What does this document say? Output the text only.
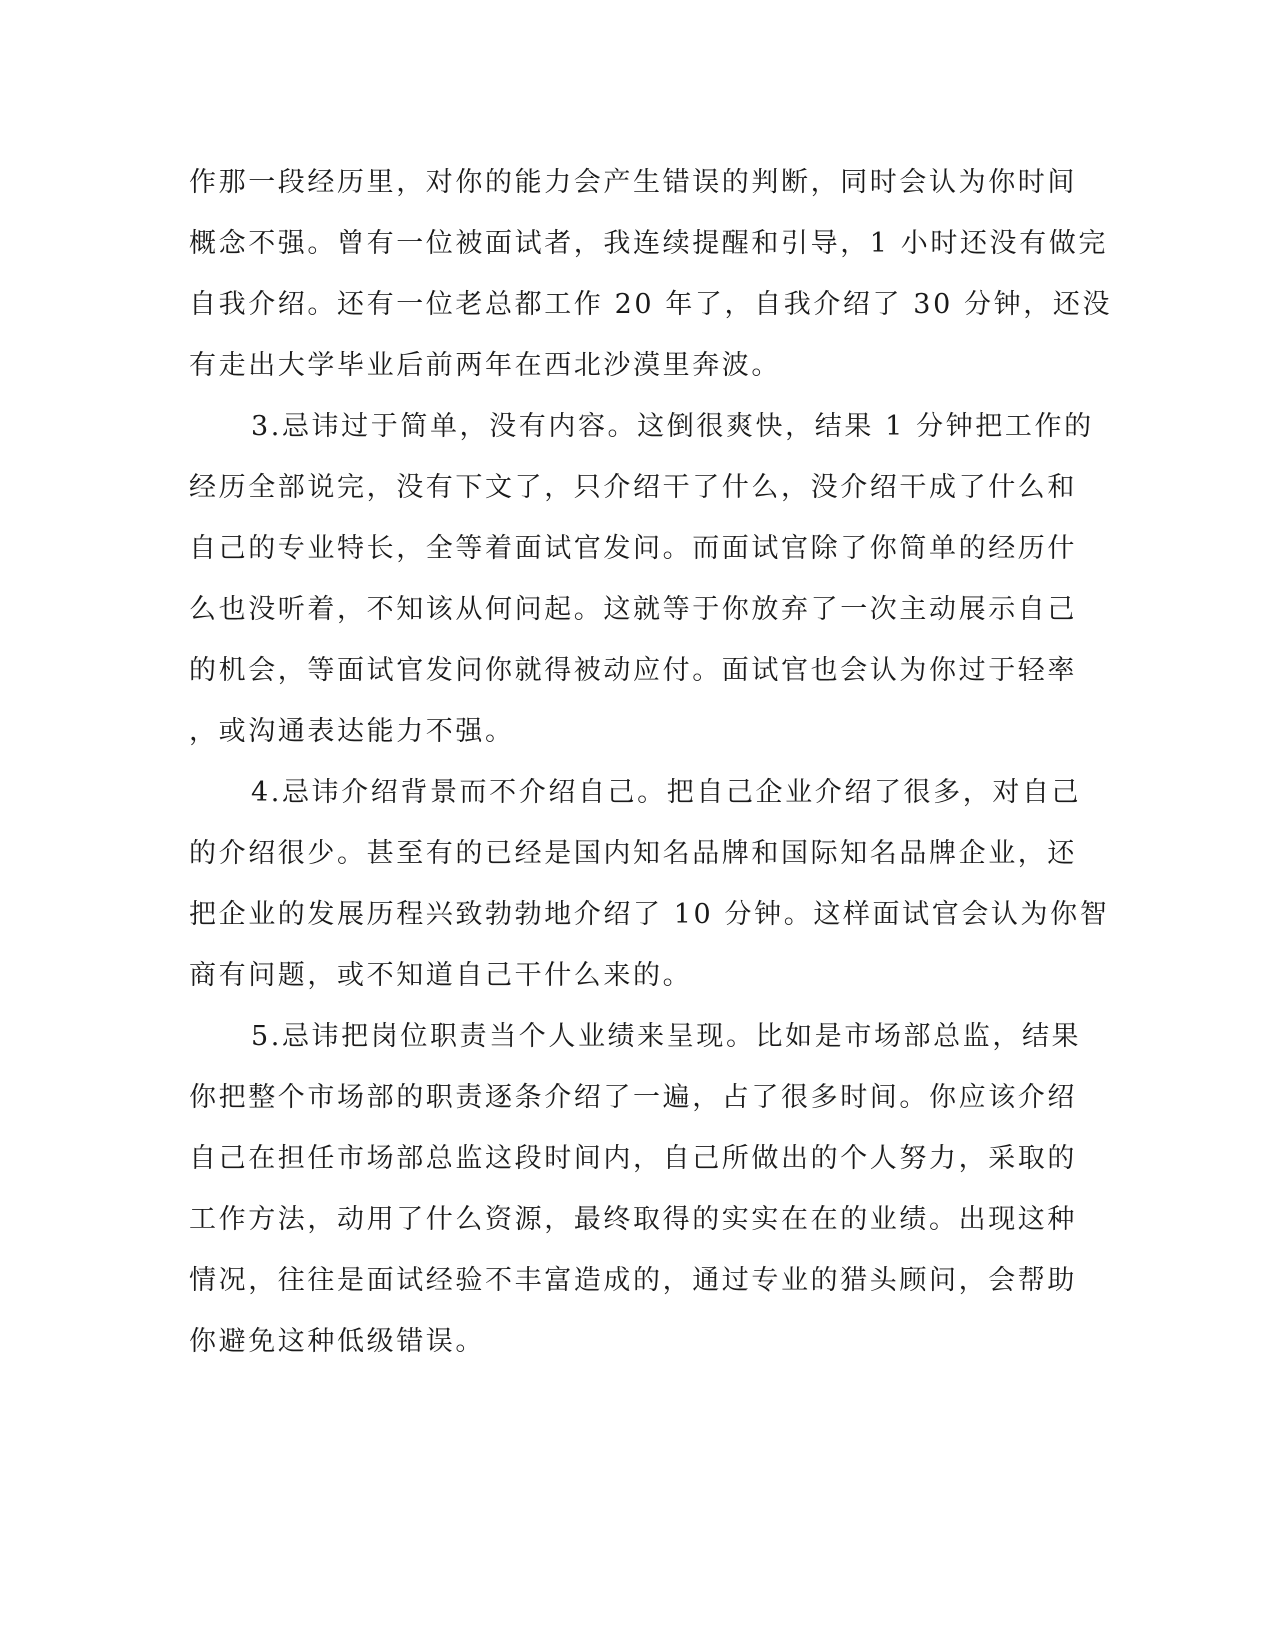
作那一段经历里，对你的能力会产生错误的判断，同时会认为你时间
概念不强。曾有一位被面试者，我连续提醒和引导，1 小时还没有做完
自我介绍。还有一位老总都工作 20 年了，自我介绍了 30 分钟，还没
有走出大学毕业后前两年在西北沙漠里奔波。
3.忌讳过于简单，没有内容。这倒很爽快，结果 1 分钟把工作的
经历全部说完，没有下文了，只介绍干了什么，没介绍干成了什么和
自己的专业特长，全等着面试官发问。而面试官除了你简单的经历什
么也没听着，不知该从何问起。这就等于你放弃了一次主动展示自己
的机会，等面试官发问你就得被动应付。面试官也会认为你过于轻率
，或沟通表达能力不强。
4.忌讳介绍背景而不介绍自己。把自己企业介绍了很多，对自己
的介绍很少。甚至有的已经是国内知名品牌和国际知名品牌企业，还
把企业的发展历程兴致勃勃地介绍了 10 分钟。这样面试官会认为你智
商有问题，或不知道自己干什么来的。
5.忌讳把岗位职责当个人业绩来呈现。比如是市场部总监，结果
你把整个市场部的职责逐条介绍了一遍，占了很多时间。你应该介绍
自己在担任市场部总监这段时间内，自己所做出的个人努力，采取的
工作方法，动用了什么资源，最终取得的实实在在的业绩。出现这种
情况，往往是面试经验不丰富造成的，通过专业的猎头顾问，会帮助
你避免这种低级错误。
